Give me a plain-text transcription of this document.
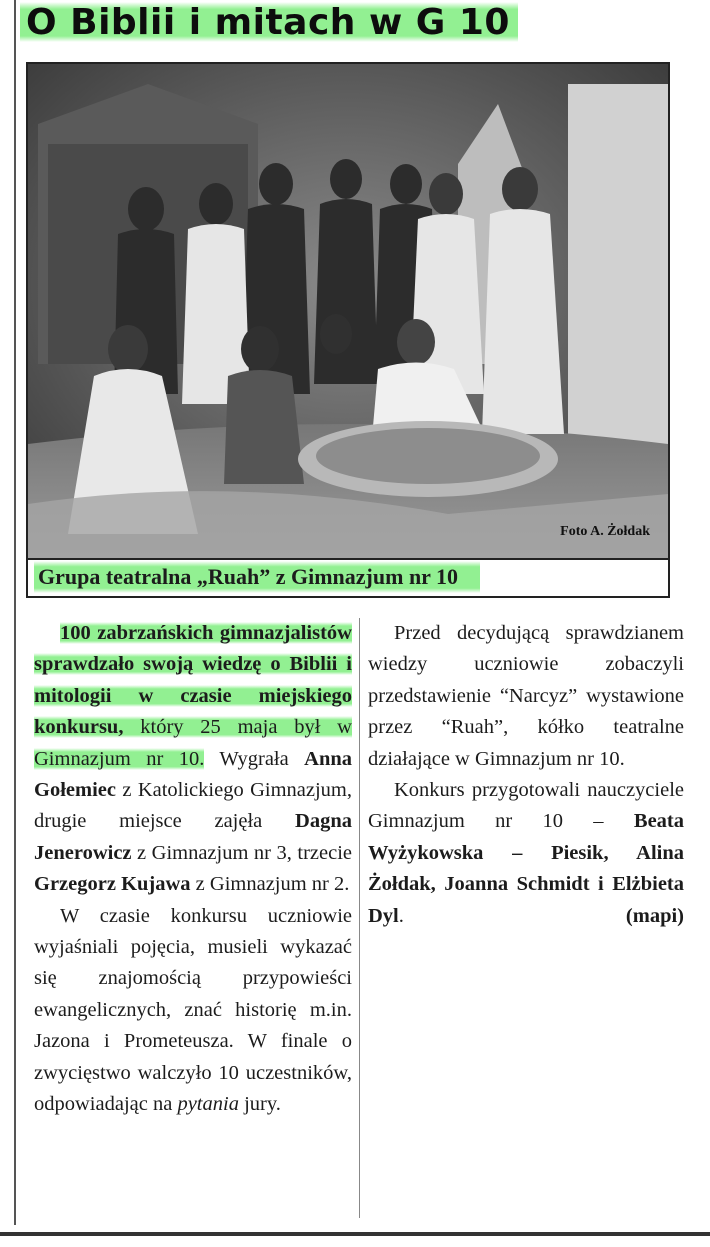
O Biblii i mitach w G 10
Foto A. Żołdak
Grupa teatralna „Ruah” z Gimnazjum nr 10

100 zabrzańskich gimnazjalistów sprawdzało swoją wiedzę o Biblii i mitologii w czasie miejskiego konkursu, który 25 maja był w Gimnazjum nr 10. Wygrała Anna Gołemiec z Katolickiego Gimnazjum, drugie miejsce zajęła Dagna Jenerowicz z Gimnazjum nr 3, trzecie Grzegorz Kujawa z Gimnazjum nr 2.

W czasie konkursu uczniowie wyjaśniali pojęcia, musieli wykazać się znajomością przypowieści ewangelicznych, znać historię m.in. Jazona i Prometeusza. W finale o zwycięstwo walczyło 10 uczestników, odpowiadając na pytania jury.

Przed decydującą sprawdzianem wiedzy uczniowie zobaczyli przedstawienie “Narcyz” wystawione przez “Ruah”, kółko teatralne działające w Gimnazjum nr 10.

Konkurs przygotowali nauczyciele Gimnazjum nr 10 – Beata Wyżykowska – Piesik, Alina Żołdak, Joanna Schmidt i Elżbieta Dyl.	(mapi)
